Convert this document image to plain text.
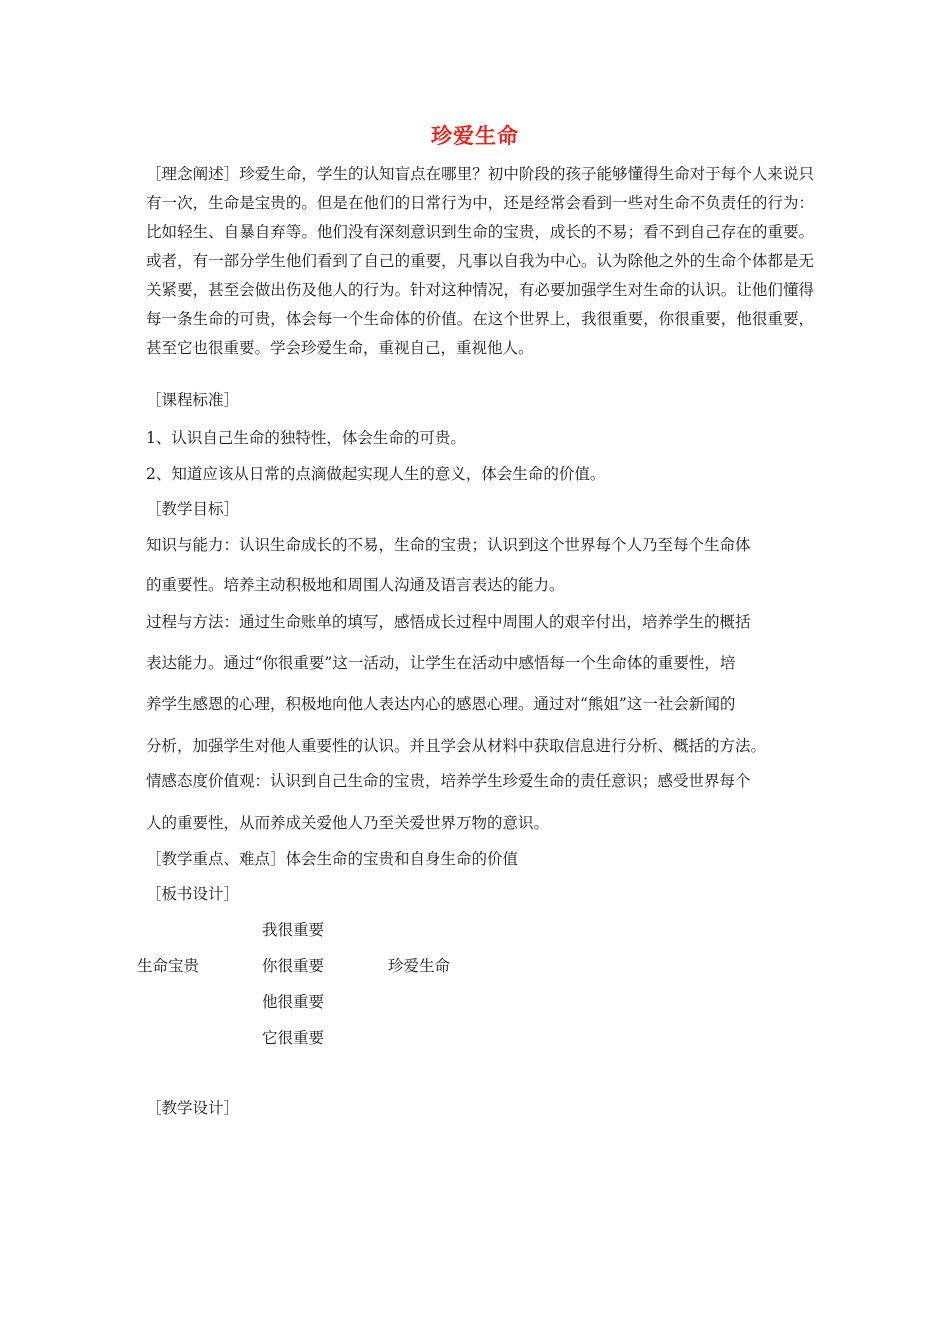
珍爱生命
［理念阐述］珍爱生命，学生的认知盲点在哪里？初中阶段的孩子能够懂得生命对于每个人来说只有一次，生命是宝贵的。但是在他们的日常行为中，还是经常会看到一些对生命不负责任的行为：比如轻生、自暴自弃等。他们没有深刻意识到生命的宝贵，成长的不易；看不到自己存在的重要。或者，有一部分学生他们看到了自己的重要，凡事以自我为中心。认为除他之外的生命个体都是无关紧要，甚至会做出伤及他人的行为。针对这种情况，有必要加强学生对生命的认识。让他们懂得每一条生命的可贵，体会每一个生命体的价值。在这个世界上，我很重要，你很重要，他很重要，甚至它也很重要。学会珍爱生命，重视自己，重视他人。
［课程标准］
1、认识自己生命的独特性，体会生命的可贵。
2、知道应该从日常的点滴做起实现人生的意义，体会生命的价值。
［教学目标］
知识与能力：认识生命成长的不易，生命的宝贵；认识到这个世界每个人乃至每个生命体
的重要性。培养主动积极地和周围人沟通及语言表达的能力。
过程与方法：通过生命账单的填写，感悟成长过程中周围人的艰辛付出，培养学生的概括
表达能力。通过“你很重要”这一活动，让学生在活动中感悟每一个生命体的重要性，培
养学生感恩的心理，积极地向他人表达内心的感恩心理。通过对“熊姐”这一社会新闻的
分析，加强学生对他人重要性的认识。并且学会从材料中获取信息进行分析、概括的方法。
情感态度价值观：认识到自己生命的宝贵，培养学生珍爱生命的责任意识；感受世界每个
人的重要性，从而养成关爱他人乃至关爱世界万物的意识。
［教学重点、难点］体会生命的宝贵和自身生命的价值
［板书设计］
生命宝贵
我很重要
你很重要
他很重要
它很重要
珍爱生命
［教学设计］
